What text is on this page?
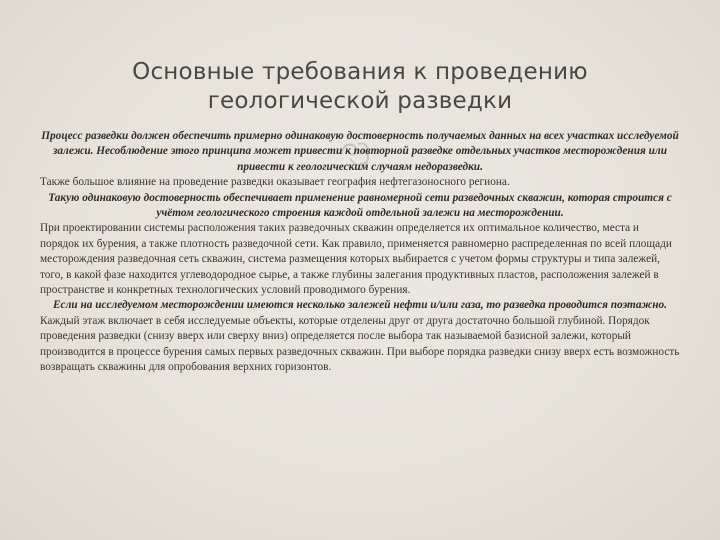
Основные требования к проведению
геологической разведки

Процесс разведки должен обеспечить примерно одинаковую достоверность получаемых данных на всех участках исследуемой залежи. Несоблюдение этого принципа может привести к повторной разведке отдельных участков месторождения или привести к геологическим случаям недоразведки.

Также большое влияние на проведение разведки оказывает география нефтегазоносного региона.

Такую одинаковую достоверность обеспечивает применение равномерной сети разведочных скважин, которая строится с учётом геологического строения каждой отдельной залежи на месторождении.

При проектировании системы расположения таких разведочных скважин определяется их оптимальное количество, места и порядок их бурения, а также плотность разведочной сети. Как правило, применяется равномерно распределенная по всей площади месторождения разведочная сеть скважин, система размещения которых выбирается с учетом формы структуры и типа залежей, того, в какой фазе находится углеводородное сырье, а также глубины залегания продуктивных пластов, расположения залежей в пространстве и конкретных технологических условий проводимого бурения.

Если на исследуемом месторождении имеются несколько залежей нефти и/или газа, то разведка проводится поэтажно.

Каждый этаж включает в себя исследуемые объекты, которые отделены друг от друга достаточно большой глубиной. Порядок проведения разведки (снизу вверх или сверху вниз) определяется после выбора так называемой базисной залежи, который производится в процессе бурения самых первых разведочных скважин. При выборе порядка разведки снизу вверх есть возможность возвращать скважины для опробования верхних горизонтов.
